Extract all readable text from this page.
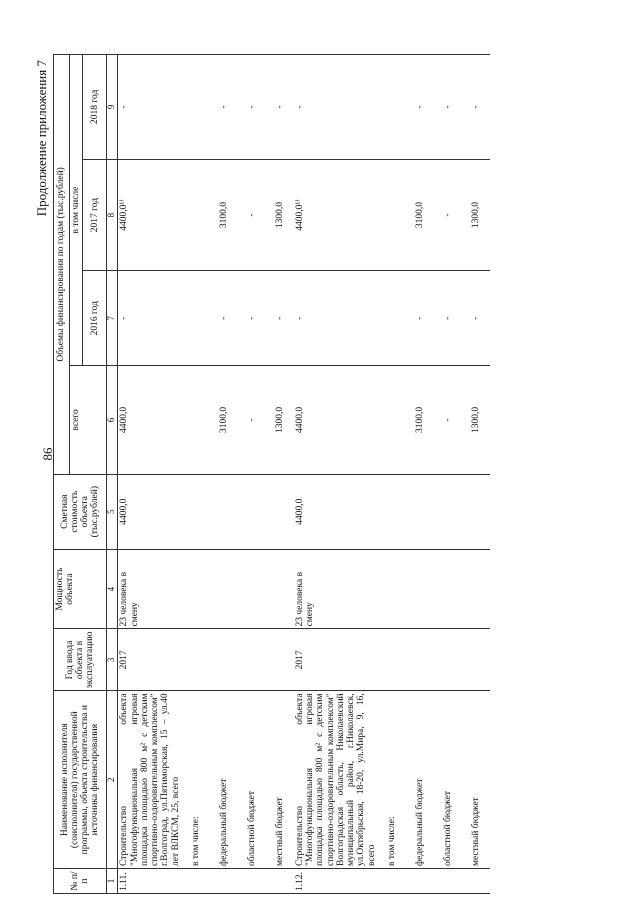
86
Продолжение приложения 7
№ п/п	Наименование исполнителя (соисполнителя) государственной программы, объекта строительства и источника финансирования	Год ввода объекта в эксплуатацию	Мощность объекта	Сметная стоимость объекта (тыс.рублей)	Объемы финансирования по годам (тыс.рублей)			
					всего	в том числе		
						2016 год	2017 год	2018 год
1	2	3	4	5	6	7	8	9
1.11.	Строительство объекта "Многофункциональная игровая площадка площадью 800 м² с детским спортивно-оздоровительным комплексом" г.Волгоград, ул.Пятиморская, 15 – ул.40 лет ВЛКСМ, 25, всего	2017	23 человека в смену	4400,0	4400,0	-	4400,0¹⁾	-
	в том числе:							
	федеральный бюджет				3100,0	-	3100,0	-
	областной бюджет				-	-	-	-
	местный бюджет				1300,0	-	1300,0	-
1.12.	Строительство объекта "Многофункциональная игровая площадка площадью 800 м² с детским спортивно-оздоровительным комплексом" Волгоградская область, Николаевский муниципальный район, г.Николаевск, ул.Октябрьская, 18-20, ул.Мира, 9, 16, всего	2017	23 человека в смену	4400,0	4400,0	-	4400,0¹⁾	-
	в том числе:							
	федеральный бюджет				3100,0	-	3100,0	-
	областной бюджет				-	-	-	-
	местный бюджет				1300,0	-	1300,0	-
